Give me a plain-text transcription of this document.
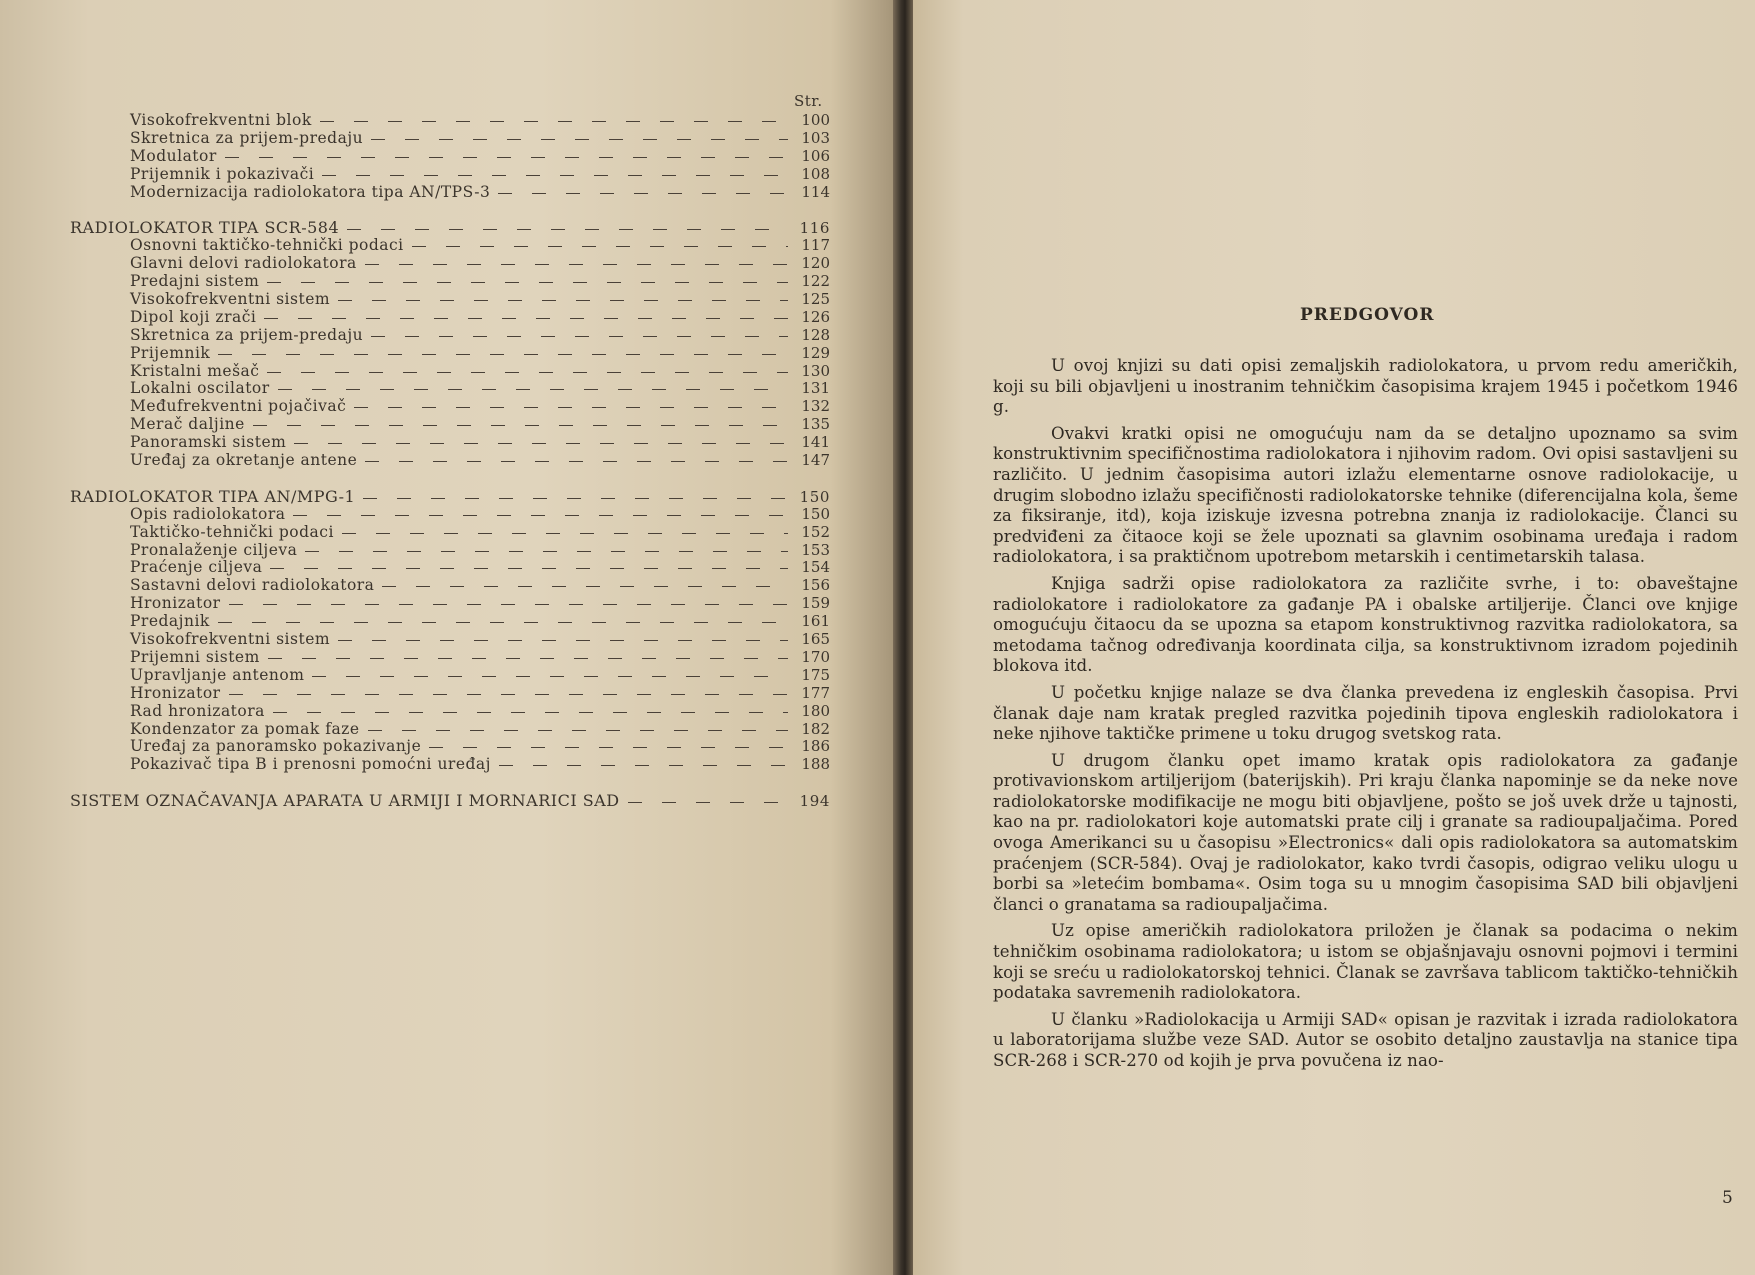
Str.
Visokofrekventni blok	100
Skretnica za prijem-predaju	103
Modulator	106
Prijemnik i pokazivači	108
Modernizacija radiolokatora tipa AN/TPS-3	114
RADIOLOKATOR TIPA SCR-584	116
Osnovni taktičko-tehnički podaci	117
Glavni delovi radiolokatora	120
Predajni sistem	122
Visokofrekventni sistem	125
Dipol koji zrači	126
Skretnica za prijem-predaju	128
Prijemnik	129
Kristalni mešač	130
Lokalni oscilator	131
Međufrekventni pojačivač	132
Merač daljine	135
Panoramski sistem	141
Uređaj za okretanje antene	147
RADIOLOKATOR TIPA AN/MPG-1	150
Opis radiolokatora	150
Taktičko-tehnički podaci	152
Pronalaženje ciljeva	153
Praćenje ciljeva	154
Sastavni delovi radiolokatora	156
Hronizator	159
Predajnik	161
Visokofrekventni sistem	165
Prijemni sistem	170
Upravljanje antenom	175
Hronizator	177
Rad hronizatora	180
Kondenzator za pomak faze	182
Uređaj za panoramsko pokazivanje	186
Pokazivač tipa B i prenosni pomoćni uređaj	188
SISTEM OZNAČAVANJA APARATA U ARMIJI I MORNARICI SAD	194
PREDGOVOR

U ovoj knjizi su dati opisi zemaljskih radiolokatora, u prvom redu američkih, koji su bili objavljeni u inostranim tehničkim časopisima krajem 1945 i početkom 1946 g.

Ovakvi kratki opisi ne omogućuju nam da se detaljno upoznamo sa svim konstruktivnim specifičnostima radiolokatora i njihovim radom. Ovi opisi sastavljeni su različito. U jednim časopisima autori izlažu elementarne osnove radiolokacije, u drugim slobodno izlažu specifičnosti radiolokatorske tehnike (diferencijalna kola, šeme za fiksiranje, itd), koja iziskuje izvesna potrebna znanja iz radiolokacije. Članci su predviđeni za čitaoce koji se žele upoznati sa glavnim osobinama uređaja i radom radiolokatora, i sa praktičnom upotrebom metarskih i centimetarskih talasa.

Knjiga sadrži opise radiolokatora za različite svrhe, i to: obaveštajne radiolokatore i radiolokatore za gađanje PA i obalske artiljerije. Članci ove knjige omogućuju čitaocu da se upozna sa etapom konstruktivnog razvitka radiolokatora, sa metodama tačnog određivanja koordinata cilja, sa konstruktivnom izradom pojedinih blokova itd.

U početku knjige nalaze se dva članka prevedena iz engleskih časopisa. Prvi članak daje nam kratak pregled razvitka pojedinih tipova engleskih radiolokatora i neke njihove taktičke primene u toku drugog svetskog rata.

U drugom članku opet imamo kratak opis radiolokatora za gađanje protivavionskom artiljerijom (baterijskih). Pri kraju članka napominje se da neke nove radiolokatorske modifikacije ne mogu biti objavljene, pošto se još uvek drže u tajnosti, kao na pr. radiolokatori koje automatski prate cilj i granate sa radioupaljačima. Pored ovoga Amerikanci su u časopisu »Electronics« dali opis radiolokatora sa automatskim praćenjem (SCR-584). Ovaj je radiolokator, kako tvrdi časopis, odigrao veliku ulogu u borbi sa »letećim bombama«. Osim toga su u mnogim časopisima SAD bili objavljeni članci o granatama sa radioupaljačima.

Uz opise američkih radiolokatora priložen je članak sa podacima o nekim tehničkim osobinama radiolokatora; u istom se objašnjavaju osnovni pojmovi i termini koji se sreću u radiolokatorskoj tehnici. Članak se završava tablicom taktičko-tehničkih podataka savremenih radiolokatora.

U članku »Radiolokacija u Armiji SAD« opisan je razvitak i izrada radiolokatora u laboratorijama službe veze SAD. Autor se osobito detaljno zaustavlja na stanice tipa SCR-268 i SCR-270 od kojih je prva povučena iz nao-

5
